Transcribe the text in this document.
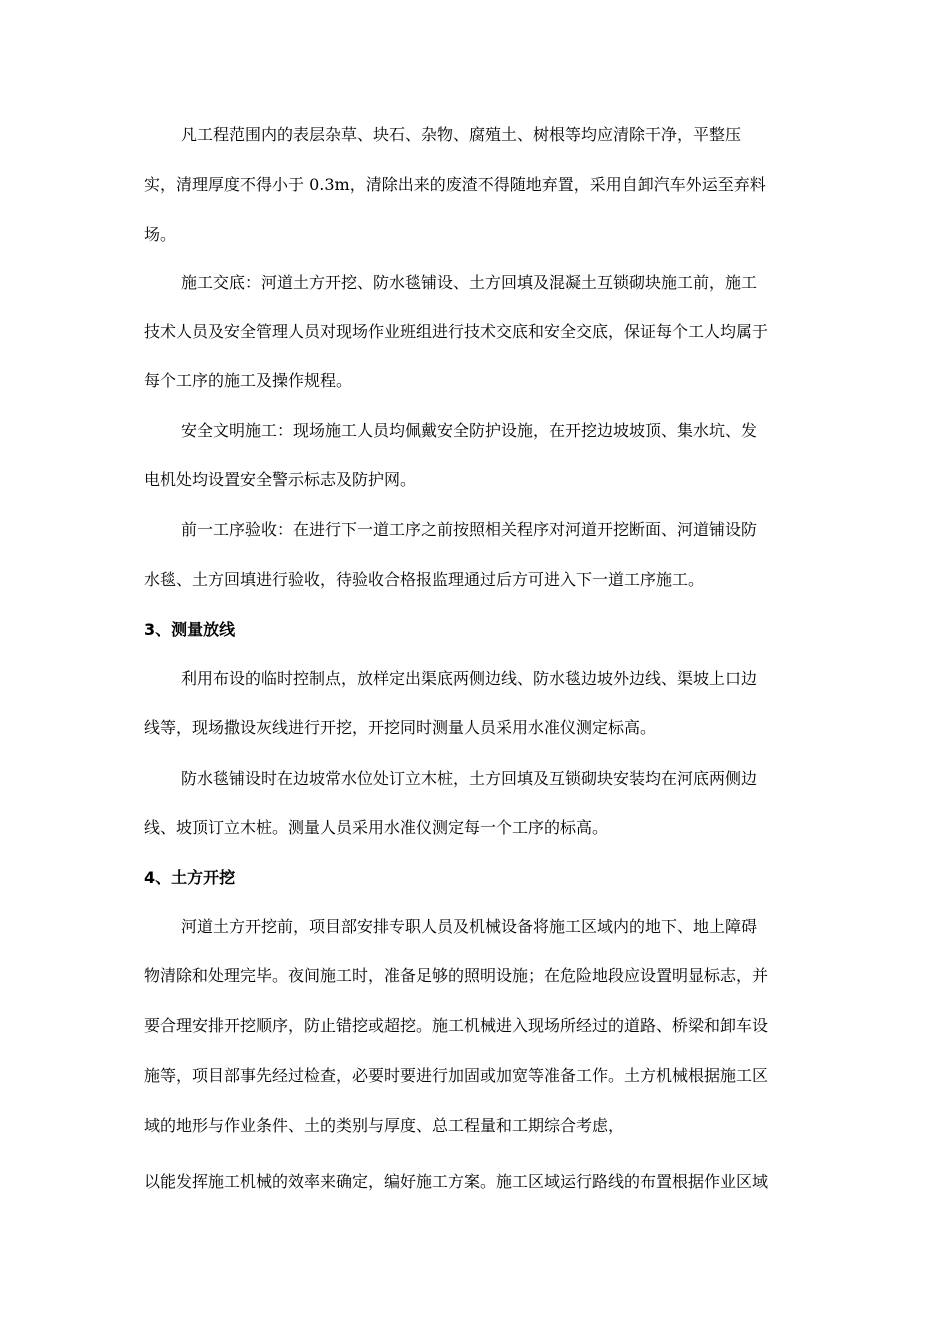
凡工程范围内的表层杂草、块石、杂物、腐殖土、树根等均应清除干净，平整压
实，清理厚度不得小于 0.3m，清除出来的废渣不得随地弃置，采用自卸汽车外运至弃料
场。
施工交底：河道土方开挖、防水毯铺设、土方回填及混凝土互锁砌块施工前，施工
技术人员及安全管理人员对现场作业班组进行技术交底和安全交底，保证每个工人均属于
每个工序的施工及操作规程。
安全文明施工：现场施工人员均佩戴安全防护设施，在开挖边坡坡顶、集水坑、发
电机处均设置安全警示标志及防护网。
前一工序验收：在进行下一道工序之前按照相关程序对河道开挖断面、河道铺设防
水毯、土方回填进行验收，待验收合格报监理通过后方可进入下一道工序施工。
3、测量放线
利用布设的临时控制点，放样定出渠底两侧边线、防水毯边坡外边线、渠坡上口边
线等，现场撒设灰线进行开挖，开挖同时测量人员采用水准仪测定标高。
防水毯铺设时在边坡常水位处订立木桩，土方回填及互锁砌块安装均在河底两侧边
线、坡顶订立木桩。测量人员采用水准仪测定每一个工序的标高。
4、土方开挖
河道土方开挖前，项目部安排专职人员及机械设备将施工区域内的地下、地上障碍
物清除和处理完毕。夜间施工时，准备足够的照明设施；在危险地段应设置明显标志，并
要合理安排开挖顺序，防止错挖或超挖。施工机械进入现场所经过的道路、桥梁和卸车设
施等，项目部事先经过检查，必要时要进行加固或加宽等准备工作。土方机械根据施工区
域的地形与作业条件、土的类别与厚度、总工程量和工期综合考虑，
以能发挥施工机械的效率来确定，编好施工方案。施工区域运行路线的布置根据作业区域
